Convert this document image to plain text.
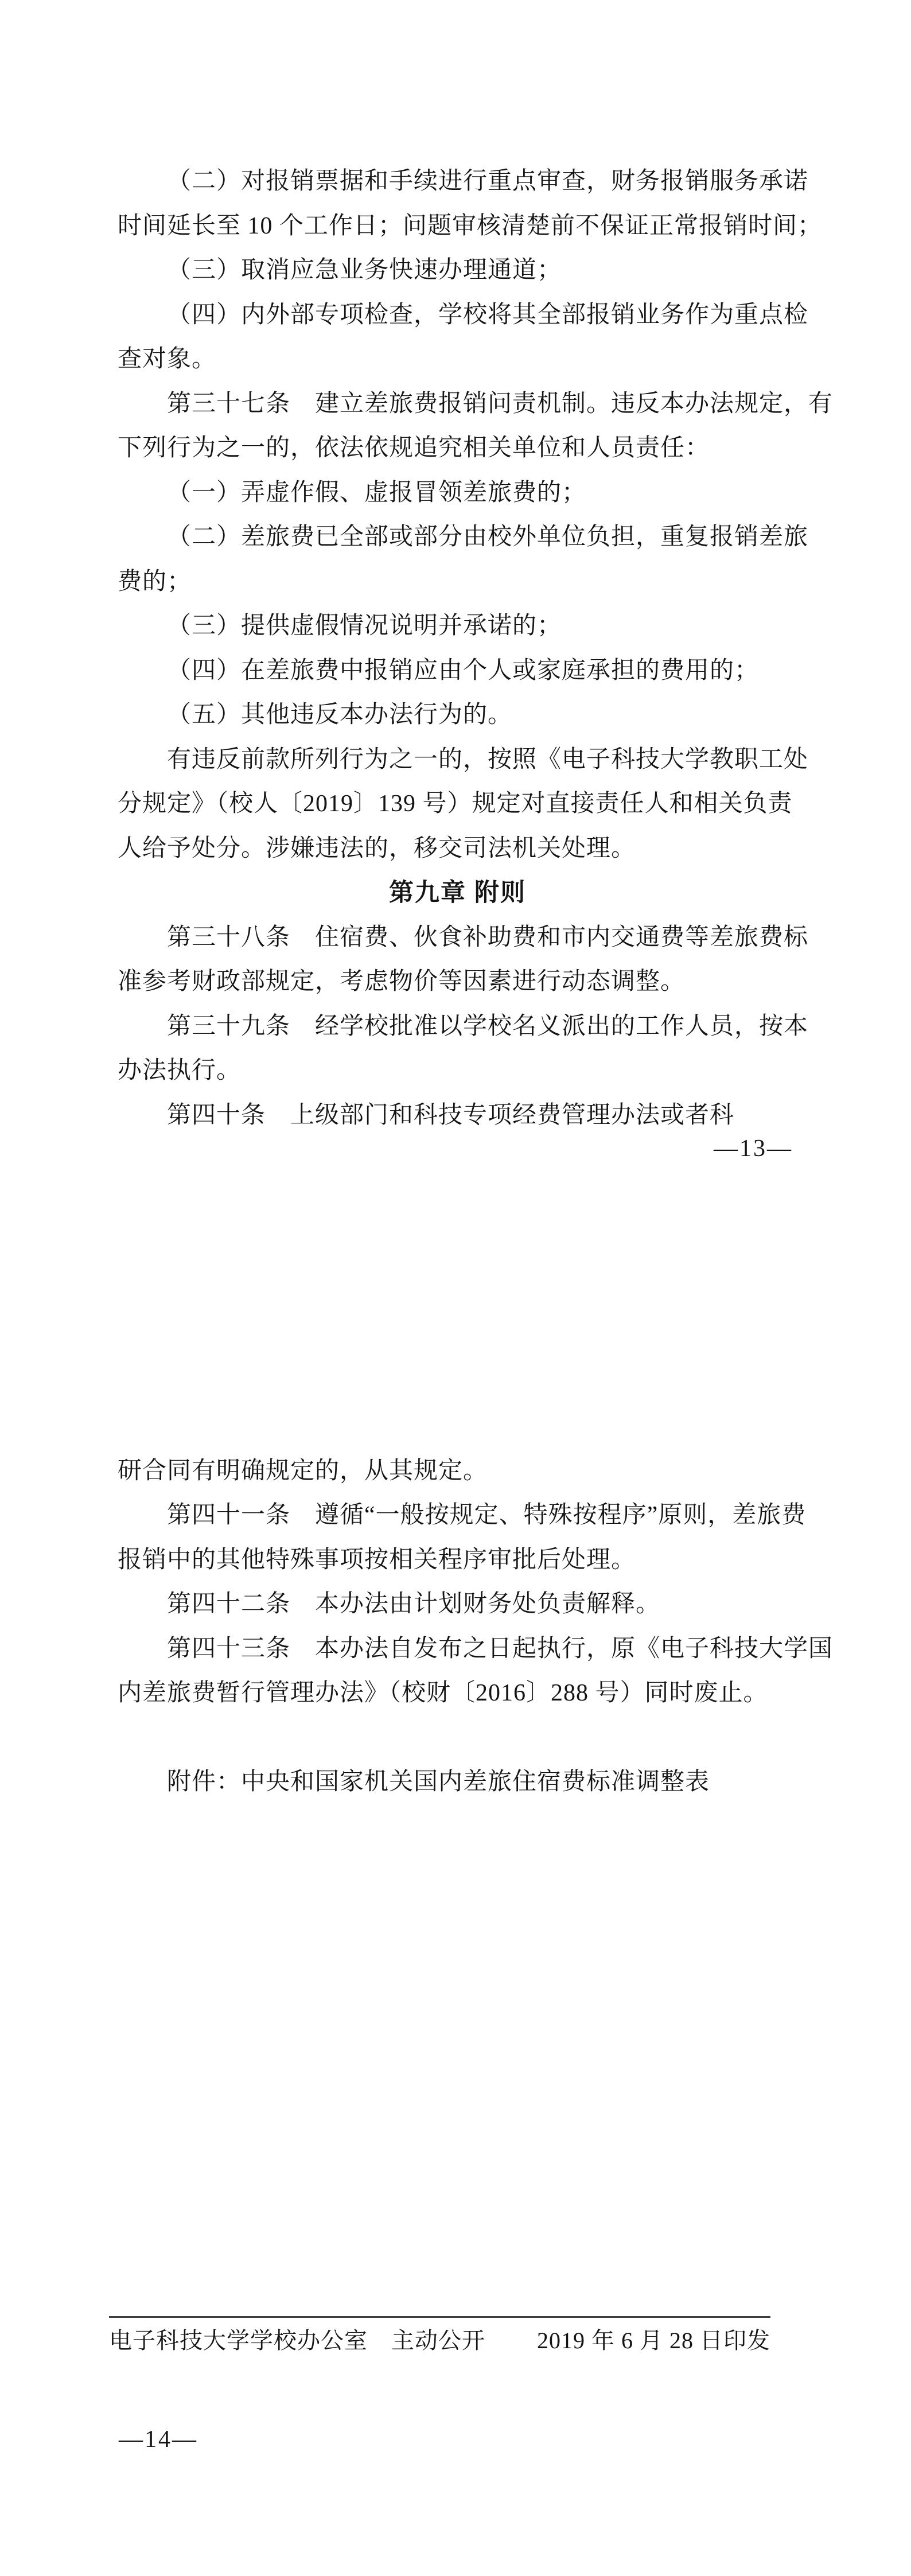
（二）对报销票据和手续进行重点审查，财务报销服务承诺
时间延长至 10 个工作日；问题审核清楚前不保证正常报销时间；
（三）取消应急业务快速办理通道；
（四）内外部专项检查，学校将其全部报销业务作为重点检
查对象。
第三十七条　建立差旅费报销问责机制。违反本办法规定，有
下列行为之一的，依法依规追究相关单位和人员责任：
（一）弄虚作假、虚报冒领差旅费的；
（二）差旅费已全部或部分由校外单位负担，重复报销差旅
费的；
（三）提供虚假情况说明并承诺的；
（四）在差旅费中报销应由个人或家庭承担的费用的；
（五）其他违反本办法行为的。
有违反前款所列行为之一的，按照《电子科技大学教职工处
分规定》（校人〔2019〕139 号）规定对直接责任人和相关负责
人给予处分。涉嫌违法的，移交司法机关处理。
第九章 附则
第三十八条　住宿费、伙食补助费和市内交通费等差旅费标
准参考财政部规定，考虑物价等因素进行动态调整。
第三十九条　经学校批准以学校名义派出的工作人员，按本
办法执行。
第四十条　上级部门和科技专项经费管理办法或者科
研合同有明确规定的，从其规定。
第四十一条　遵循“一般按规定、特殊按程序”原则，差旅费
报销中的其他特殊事项按相关程序审批后处理。
第四十二条　本办法由计划财务处负责解释。
第四十三条　本办法自发布之日起执行，原《电子科技大学国
内差旅费暂行管理办法》（校财〔2016〕288 号）同时废止。
附件：中央和国家机关国内差旅住宿费标准调整表
—13—
电子科技大学学校办公室　主动公开 2019 年 6 月 28 日印发
—14—
